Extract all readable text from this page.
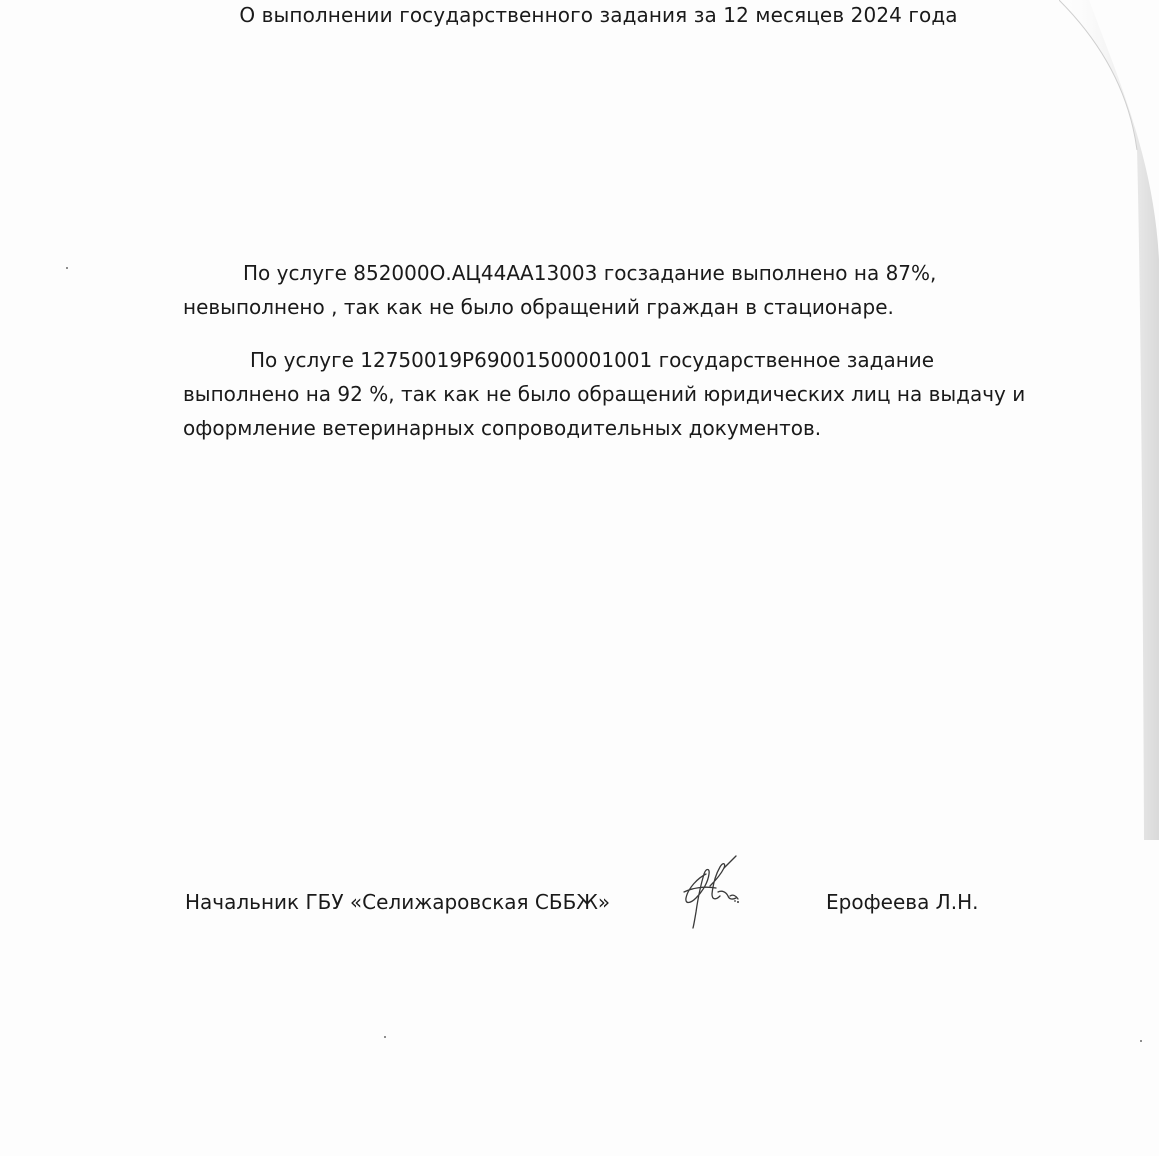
О выполнении государственного задания за 12 месяцев 2024 года

По услуге 852000О.АЦ44АА13003 госзадание выполнено на 87%,
невыполнено , так как не было обращений граждан в стационаре.

По услуге 12750019Р69001500001001 государственное задание
выполнено на 92 %, так как не было обращений юридических лиц на выдачу и оформление ветеринарных сопроводительных документов.

Начальник ГБУ «Селижаровская СББЖ»	Ерофеева Л.Н.
